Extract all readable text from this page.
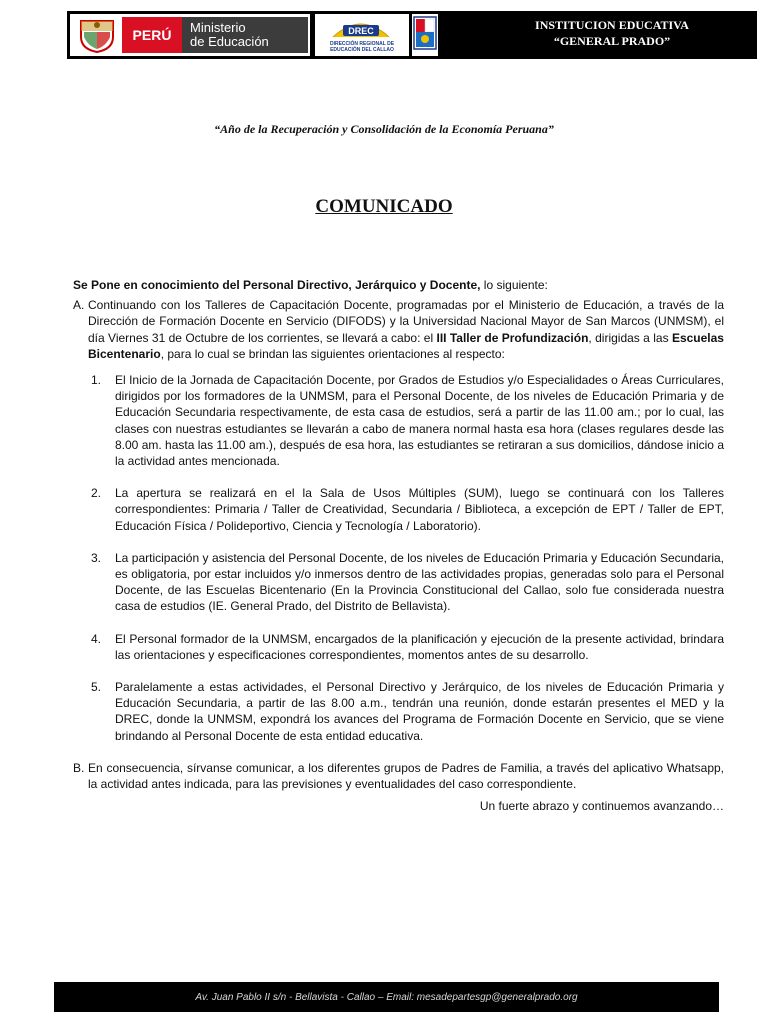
PERÚ	Ministerio
de Educación
DREC
DIRECCIÓN REGIONAL DE EDUCACIÓN DEL CALLAO
INSTITUCION EDUCATIVA
“GENERAL PRADO”
“Año de la Recuperación y Consolidación de la Economía Peruana”
COMUNICADO

Se Pone en conocimiento del Personal Directivo, Jerárquico y Docente, lo siguiente:

A. Continuando con los Talleres de Capacitación Docente, programadas por el Ministerio de Educación, a través de la Dirección de Formación Docente en Servicio (DIFODS) y la Universidad Nacional Mayor de San Marcos (UNMSM), el día Viernes 31 de Octubre de los corrientes, se llevará a cabo: el III Taller de Profundización, dirigidas a las Escuelas Bicentenario, para lo cual se brindan las siguientes orientaciones al respecto:
1. El Inicio de la Jornada de Capacitación Docente, por Grados de Estudios y/o Especialidades o Áreas Curriculares, dirigidos por los formadores de la UNMSM, para el Personal Docente, de los niveles de Educación Primaria y de Educación Secundaria respectivamente, de esta casa de estudios, será a partir de las 11.00 am.; por lo cual, las clases con nuestras estudiantes se llevarán a cabo de manera normal hasta esa hora (clases regulares desde las 8.00 am. hasta las 11.00 am.), después de esa hora, las estudiantes se retiraran a sus domicilios, dándose inicio a la actividad antes mencionada.
2. La apertura se realizará en el la Sala de Usos Múltiples (SUM), luego se continuará con los Talleres correspondientes: Primaria / Taller de Creatividad, Secundaria / Biblioteca, a excepción de EPT / Taller de EPT, Educación Física / Polideportivo, Ciencia y Tecnología / Laboratorio).
3. La participación y asistencia del Personal Docente, de los niveles de Educación Primaria y Educación Secundaria, es obligatoria, por estar incluidos y/o inmersos dentro de las actividades propias, generadas solo para el Personal Docente, de las Escuelas Bicentenario (En la Provincia Constitucional del Callao, solo fue considerada nuestra casa de estudios (IE. General Prado, del Distrito de Bellavista).
4. El Personal formador de la UNMSM, encargados de la planificación y ejecución de la presente actividad, brindara las orientaciones y especificaciones correspondientes, momentos antes de su desarrollo.
5. Paralelamente a estas actividades, el Personal Directivo y Jerárquico, de los niveles de Educación Primaria y Educación Secundaria, a partir de las 8.00 a.m., tendrán una reunión, donde estarán presentes el MED y la DREC, donde la UNMSM, expondrá los avances del Programa de Formación Docente en Servicio, que se viene brindando al Personal Docente de esta entidad educativa.
B. En consecuencia, sírvanse comunicar, a los diferentes grupos de Padres de Familia, a través del aplicativo Whatsapp, la actividad antes indicada, para las previsiones y eventualidades del caso correspondiente.
Un fuerte abrazo y continuemos avanzando…
Av. Juan Pablo II s/n - Bellavista - Callao – Email: mesadepartesgp@generalprado.org
